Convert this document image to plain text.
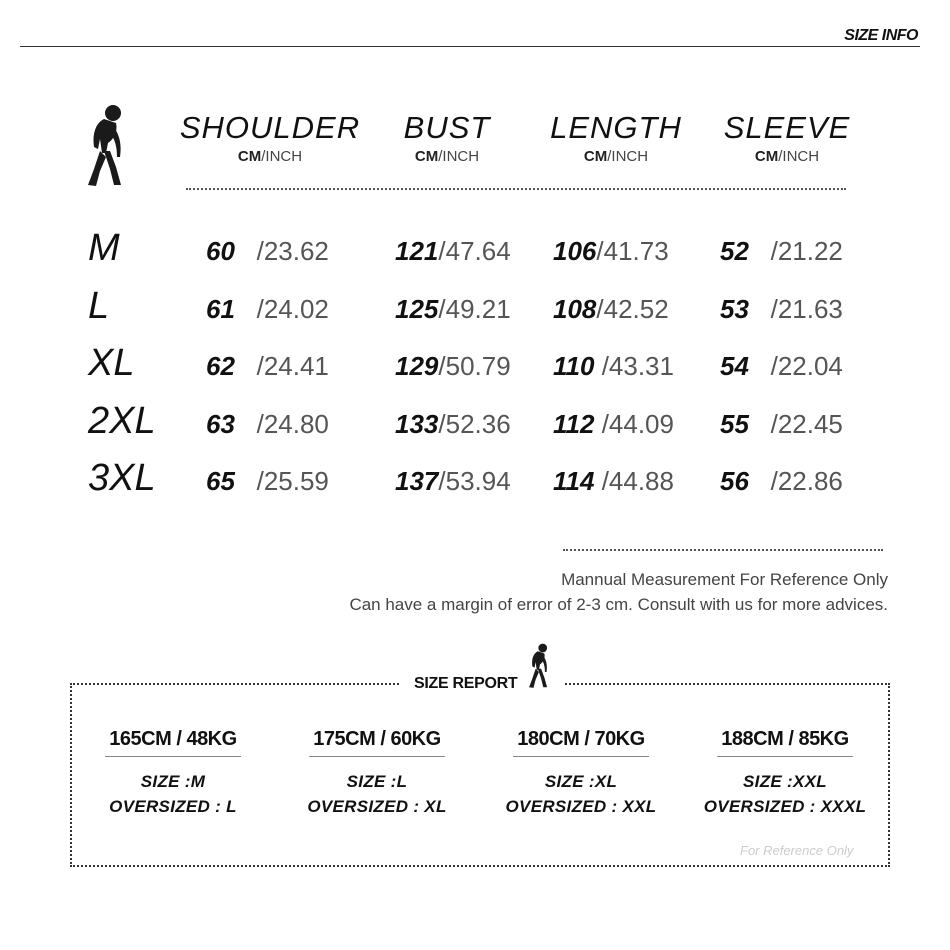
SIZE INFO
SHOULDER
CM/INCH
BUST
CM/INCH
LENGTH
CM/INCH
SLEEVE
CM/INCH
M	60 /23.62	121/47.64 106/41.73 52 /21.22
L	61 /24.02	125/49.21 108/42.52 53 /21.63
XL	62 /24.41	129/50.79 110 /43.31 54 /22.04
2XL 63 /24.80	133/52.36 112 /44.09 55 /22.45
3XL 65 /25.59	137/53.94 114 /44.88 56 /22.86
Mannual Measurement For Reference Only
Can have a margin of error of 2-3 cm. Consult with us for more advices.
SIZE REPORT
165CM / 48KG
SIZE :M
OVERSIZED : L
175CM / 60KG
SIZE :L
OVERSIZED : XL
180CM / 70KG
SIZE :XL
OVERSIZED : XXL
188CM / 85KG
SIZE :XXL
OVERSIZED : XXXL
For Reference Only
